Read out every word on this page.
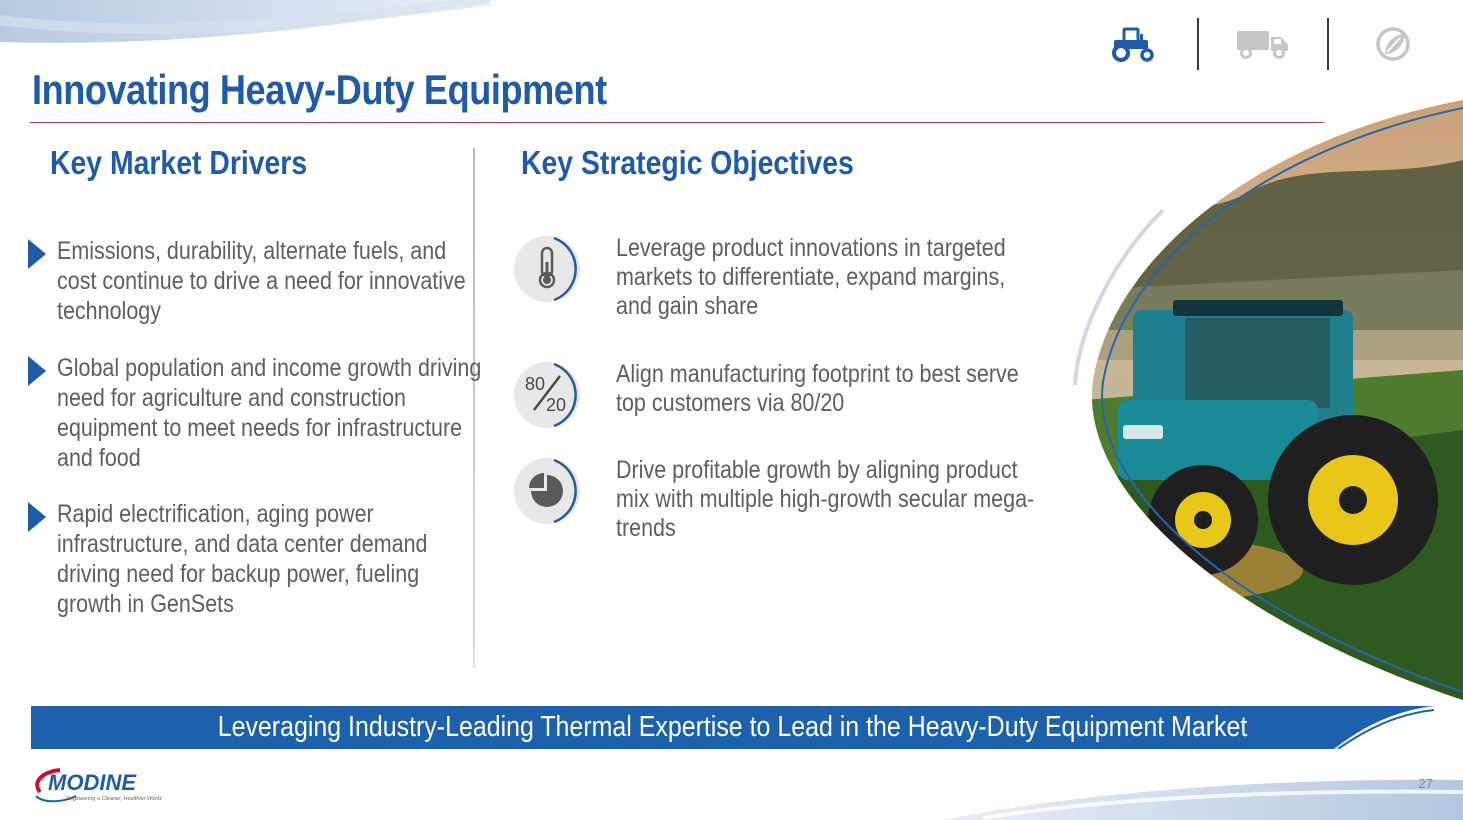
Innovating Heavy-Duty Equipment
Key Market Drivers	Key Strategic Objectives
Emissions, durability, alternate fuels, and cost continue to drive a need for innovative technology
Global population and income growth driving need for agriculture and construction equipment to meet needs for infrastructure and food
Rapid electrification, aging power infrastructure, and data center demand driving need for backup power, fueling growth in GenSets
Leverage product innovations in targeted markets to differentiate, expand margins, and gain share
80
20
Align manufacturing footprint to best serve top customers via 80/20
Drive profitable growth by aligning product mix with multiple high-growth secular mega-trends
Leveraging Industry-Leading Thermal Expertise to Lead in the Heavy-Duty Equipment Market
MODINE
Engineering a Cleaner, Healthier World
27
